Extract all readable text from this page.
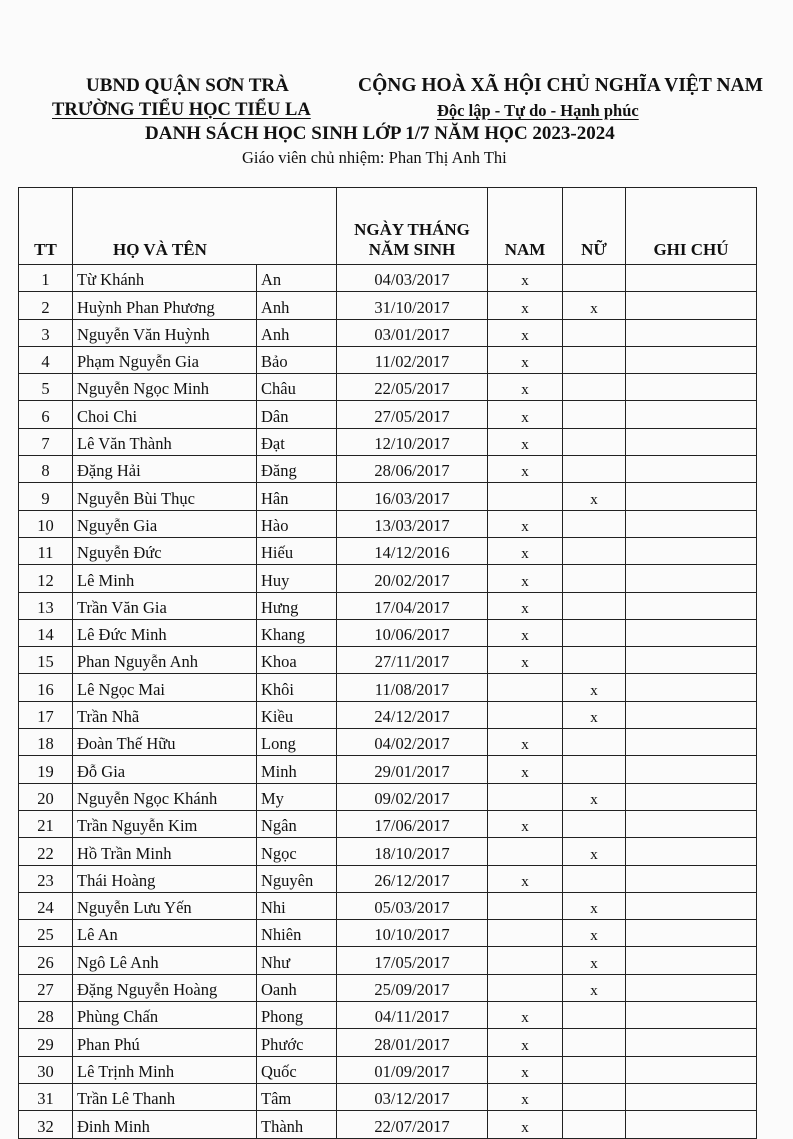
UBND QUẬN SƠN TRÀ
TRƯỜNG TIỂU HỌC TIỂU LA
CỘNG HOÀ XÃ HỘI CHỦ NGHĨA VIỆT NAM
Độc lập - Tự do - Hạnh phúc
DANH SÁCH HỌC SINH LỚP 1/7 NĂM HỌC 2023-2024
Giáo viên chủ nhiệm: Phan Thị Anh Thi
TT	HỌ VÀ TÊN		NGÀY THÁNG
NĂM SINH	NAM	NỮ	GHI CHÚ
1	Từ Khánh	An	04/03/2017	x		
2	Huỳnh Phan Phương	Anh	31/10/2017	x	x	
3	Nguyễn Văn Huỳnh	Anh	03/01/2017	x		
4	Phạm Nguyễn Gia	Bảo	11/02/2017	x		
5	Nguyễn Ngọc Minh	Châu	22/05/2017	x		
6	Choi Chi	Dân	27/05/2017	x		
7	Lê Văn Thành	Đạt	12/10/2017	x		
8	Đặng Hải	Đăng	28/06/2017	x		
9	Nguyễn Bùi Thục	Hân	16/03/2017		x	
10	Nguyễn Gia	Hào	13/03/2017	x		
11	Nguyễn Đức	Hiếu	14/12/2016	x		
12	Lê Minh	Huy	20/02/2017	x		
13	Trần Văn Gia	Hưng	17/04/2017	x		
14	Lê Đức Minh	Khang	10/06/2017	x		
15	Phan Nguyễn Anh	Khoa	27/11/2017	x		
16	Lê Ngọc Mai	Khôi	11/08/2017		x	
17	Trần Nhã	Kiều	24/12/2017		x	
18	Đoàn Thế Hữu	Long	04/02/2017	x		
19	Đỗ Gia	Minh	29/01/2017	x		
20	Nguyễn Ngọc Khánh	My	09/02/2017		x	
21	Trần Nguyễn Kim	Ngân	17/06/2017	x		
22	Hồ Trần Minh	Ngọc	18/10/2017		x	
23	Thái Hoàng	Nguyên	26/12/2017	x		
24	Nguyễn Lưu Yến	Nhi	05/03/2017		x	
25	Lê An	Nhiên	10/10/2017		x	
26	Ngô Lê Anh	Như	17/05/2017		x	
27	Đặng Nguyễn Hoàng	Oanh	25/09/2017		x	
28	Phùng Chấn	Phong	04/11/2017	x		
29	Phan Phú	Phước	28/01/2017	x		
30	Lê Trịnh Minh	Quốc	01/09/2017	x		
31	Trần Lê Thanh	Tâm	03/12/2017	x		
32	Đinh Minh	Thành	22/07/2017	x		
